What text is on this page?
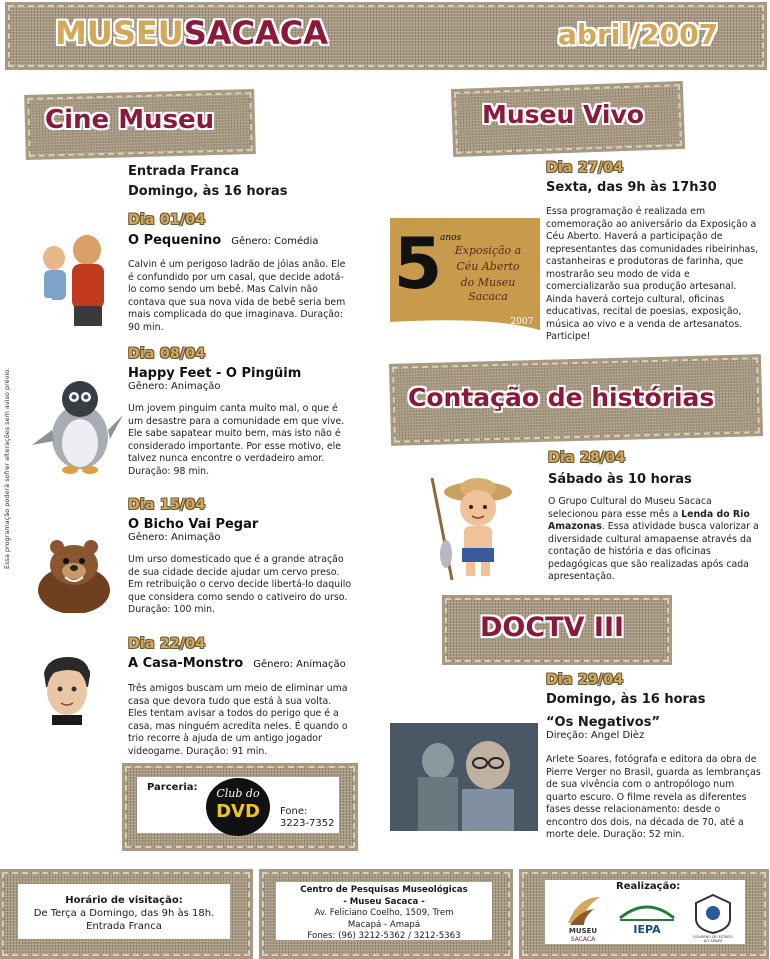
MUSEUSACACA	abril/2007
Essa programação poderá sofrer alterações sem aviso prévio.
Cine Museu
Entrada Franca
Domingo, às 16 horas
Dia 01/04
O Pequenino Gênero: Comédia
Calvin é um perigoso ladrão de jóias anão. Ele é confundido por um casal, que decide adotá-lo como sendo um bebê. Mas Calvin não contava que sua nova vida de bebê seria bem mais complicada do que imaginava. Duração: 90 min.
Dia 08/04
Happy Feet - O Pingüim
Gênero: Animação
Um jovem pinguim canta muito mal, o que é um desastre para a comunidade em que vive. Ele sabe sapatear muito bem, mas isto não é considerado importante. Por esse motivo, ele talvez nunca encontre o verdadeiro amor. Duração: 98 min.
Dia 15/04
O Bicho Vai Pegar
Gênero: Animação
Um urso domesticado que é a grande atração de sua cidade decide ajudar um cervo preso. Em retribuição o cervo decide libertá-lo daquilo que considera como sendo o cativeiro do urso. Duração: 100 min.
Dia 22/04
A Casa-Monstro Gênero: Animação
Três amigos buscam um meio de eliminar uma casa que devora tudo que está à sua volta. Eles tentam avisar a todos do perigo que é a casa, mas ninguém acredita neles. É quando o trio recorre à ajuda de um antigo jogador videogame. Duração: 91 min.
Parceria: Club do
DVD Fone:
3223-7352
Museu Vivo
Dia 27/04
Sexta, das 9h às 17h30
Essa programação é realizada em comemoração ao aniversário da Exposição a Céu Aberto. Haverá a participação de representantes das comunidades ribeirinhas, castanheiras e produtoras de farinha, que mostrarão seu modo de vida e comercializarão sua produção artesanal. Ainda haverá cortejo cultural, oficinas educativas, recital de poesias, exposição, música ao vivo e a venda de artesanatos. Participe!
5
anos
Exposição a
Céu Aberto
do Museu
Sacaca
2007
Contação de histórias
Dia 28/04
Sábado às 10 horas
O Grupo Cultural do Museu Sacaca selecionou para esse mês a Lenda do Rio Amazonas. Essa atividade busca valorizar a diversidade cultural amapaense através da contação de história e das oficinas pedagógicas que são realizadas após cada apresentação.
DOCTV III
Dia 29/04
Domingo, às 16 horas
“Os Negativos”
Direção: Angel Dièz
Arlete Soares, fotógrafa e editora da obra de Pierre Verger no Brasil, guarda as lembranças de sua vivência com o antropólogo num quarto escuro. O filme revela as diferentes fases desse relacionamento: desde o encontro dos dois, na década de 70, até a morte dele. Duração: 52 min.
Horário de visitação:
De Terça a Domingo, das 9h às 18h.
Entrada Franca
Centro de Pesquisas Museológicas
- Museu Sacaca -
Av. Feliciano Coelho, 1509, Trem
Macapá - Amapá
Fones: (96) 3212-5362 / 3212-5363
Realização:
MUSEU
SACACA
IEPA
GOVERNO DO ESTADO
DO AMAPÁ
